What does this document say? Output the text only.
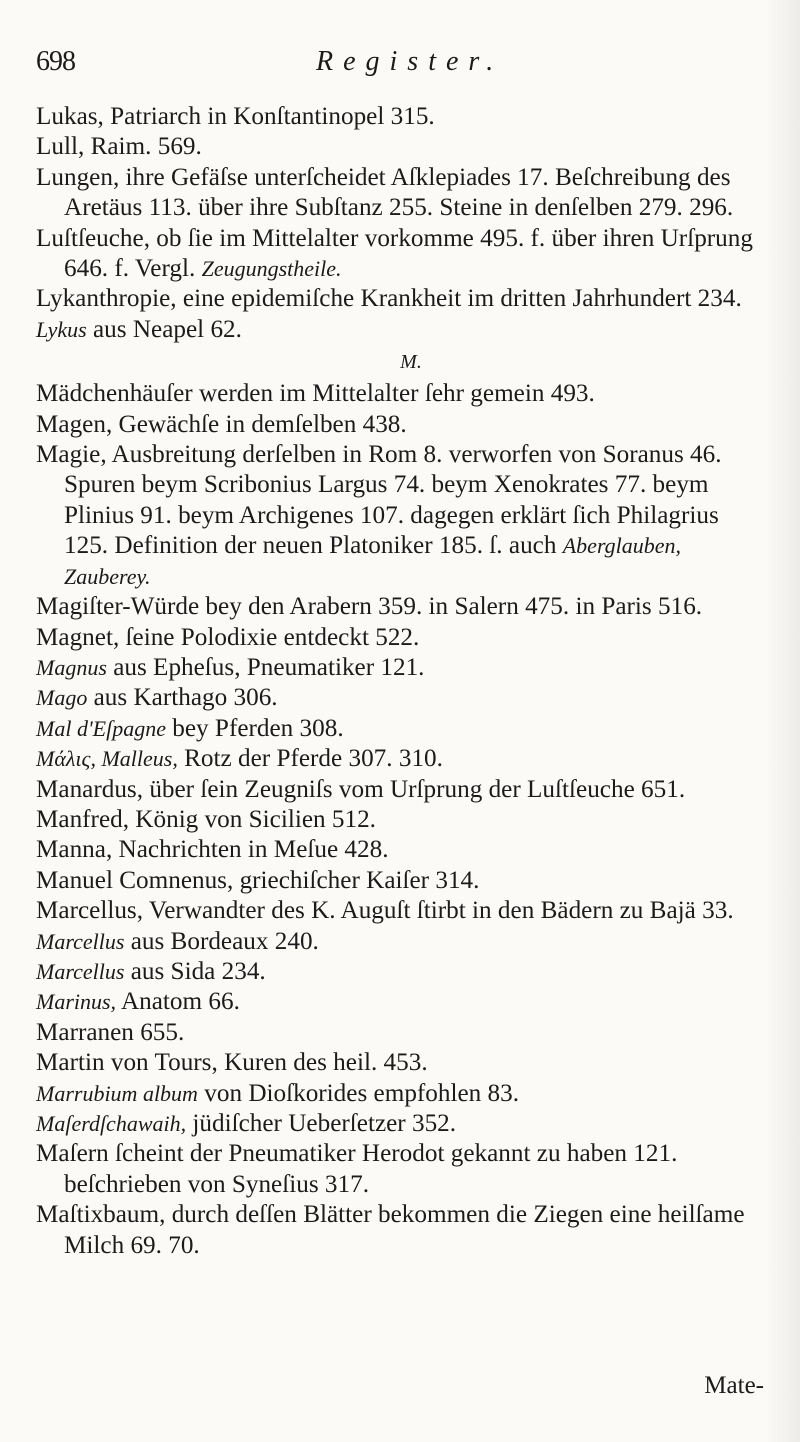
698	Register.

Lukas, Patriarch in Konſtantinopel 315.

Lull, Raim. 569.

Lungen, ihre Gefäſse unterſcheidet Aſklepiades 17. Beſchreibung des Aretäus 113. über ihre Subſtanz 255. Steine in denſelben 279. 296.

Luſtſeuche, ob ſie im Mittelalter vorkomme 495. f. über ihren Urſprung 646. f. Vergl. Zeugungstheile.

Lykanthropie, eine epidemiſche Krankheit im dritten Jahrhundert 234.

Lykus aus Neapel 62.

M.

Mädchenhäuſer werden im Mittelalter ſehr gemein 493.

Magen, Gewächſe in demſelben 438.

Magie, Ausbreitung derſelben in Rom 8. verworfen von Soranus 46. Spuren beym Scribonius Largus 74. beym Xenokrates 77. beym Plinius 91. beym Archigenes 107. dagegen erklärt ſich Philagrius 125. Definition der neuen Platoniker 185. ſ. auch Aberglauben, Zauberey.

Magiſter-Würde bey den Arabern 359. in Salern 475. in Paris 516.

Magnet, ſeine Polodixie entdeckt 522.

Magnus aus Epheſus, Pneumatiker 121.

Mago aus Karthago 306.

Mal d'Eſpagne bey Pferden 308.

Μάλις, Malleus, Rotz der Pferde 307. 310.

Manardus, über ſein Zeugniſs vom Urſprung der Luſtſeuche 651.

Manfred, König von Sicilien 512.

Manna, Nachrichten in Meſue 428.

Manuel Comnenus, griechiſcher Kaiſer 314.

Marcellus, Verwandter des K. Auguſt ſtirbt in den Bädern zu Bajä 33.

Marcellus aus Bordeaux 240.

Marcellus aus Sida 234.

Marinus, Anatom 66.

Marranen 655.

Martin von Tours, Kuren des heil. 453.

Marrubium album von Dioſkorides empfohlen 83.

Maſerdſchawaih, jüdiſcher Ueberſetzer 352.

Maſern ſcheint der Pneumatiker Herodot gekannt zu haben 121. beſchrieben von Syneſius 317.

Maſtixbaum, durch deſſen Blätter bekommen die Ziegen eine heilſame Milch 69. 70.

Mate-
